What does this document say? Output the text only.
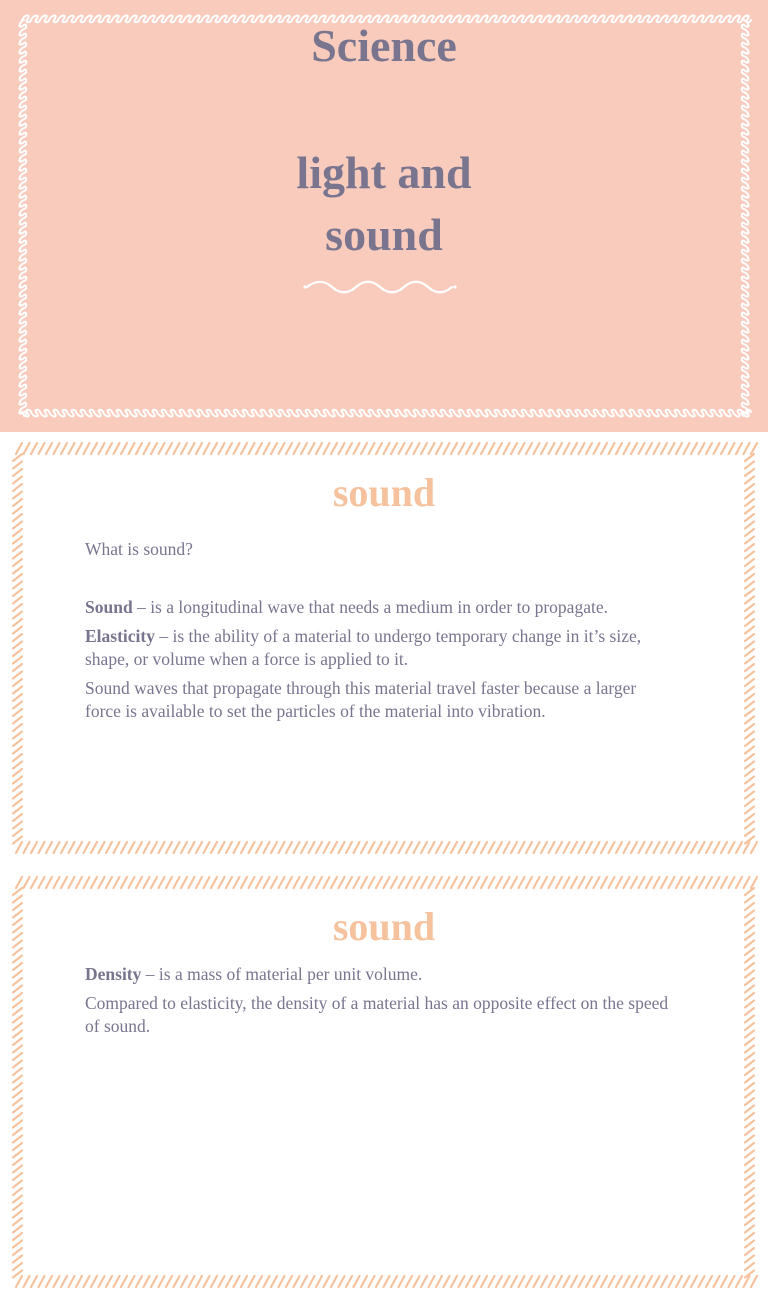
Science
light and
sound
sound

What is sound?

Sound – is a longitudinal wave that needs a medium in order to propagate.

Elasticity – is the ability of a material to undergo temporary change in it’s size, shape, or volume when a force is applied to it.

Sound waves that propagate through this material travel faster because a larger force is available to set the particles of the material into vibration.

sound

Density – is a mass of material per unit volume.

Compared to elasticity, the density of a material has an opposite effect on the speed of sound.
